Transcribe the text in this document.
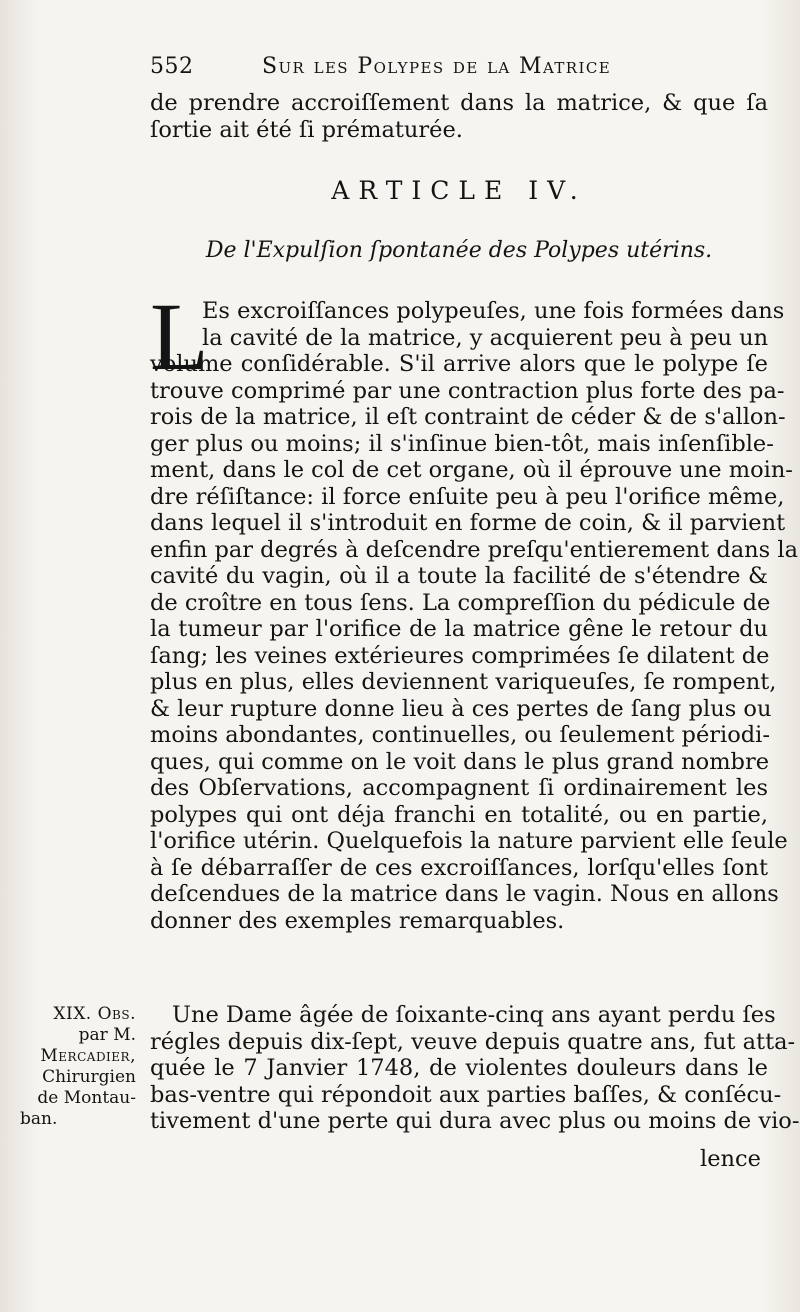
552	Sur les Polypes de la Matrice
de prendre accroiſſement dans la matrice, & que ſa
ſortie ait été ſi prématurée.
ARTICLE IV.
De l'Expulſion ſpontanée des Polypes utérins.
L
Es excroiſſances polypeuſes, une fois formées dans
la cavité de la matrice, y acquierent peu à peu un
volume conſidérable. S'il arrive alors que le polype ſe
trouve comprimé par une contraction plus forte des pa-
rois de la matrice, il eſt contraint de céder & de s'allon-
ger plus ou moins; il s'inſinue bien-tôt, mais inſenſible-
ment, dans le col de cet organe, où il éprouve une moin-
dre réſiſtance: il force enſuite peu à peu l'orifice même,
dans lequel il s'introduit en forme de coin, & il parvient
enfin par degrés à deſcendre preſqu'entierement dans la
cavité du vagin, où il a toute la facilité de s'étendre &
de croître en tous ſens. La compreſſion du pédicule de
la tumeur par l'orifice de la matrice gêne le retour du
ſang; les veines extérieures comprimées ſe dilatent de
plus en plus, elles deviennent variqueuſes, ſe rompent,
& leur rupture donne lieu à ces pertes de ſang plus ou
moins abondantes, continuelles, ou ſeulement périodi-
ques, qui comme on le voit dans le plus grand nombre
des Obſervations, accompagnent ſi ordinairement les
polypes qui ont déja franchi en totalité, ou en partie,
l'orifice utérin. Quelquefois la nature parvient elle ſeule
à ſe débarraſſer de ces excroiſſances, lorſqu'elles ſont
deſcendues de la matrice dans le vagin. Nous en allons
donner des exemples remarquables.
XIX. Obs.
par M.
Mercadier,
Chirurgien
de Montau-
ban.
Une Dame âgée de ſoixante-cinq ans ayant perdu ſes
régles depuis dix-ſept, veuve depuis quatre ans, fut atta-
quée le 7 Janvier 1748, de violentes douleurs dans le
bas-ventre qui répondoit aux parties baſſes, & conſécu-
tivement d'une perte qui dura avec plus ou moins de vio-
lence
